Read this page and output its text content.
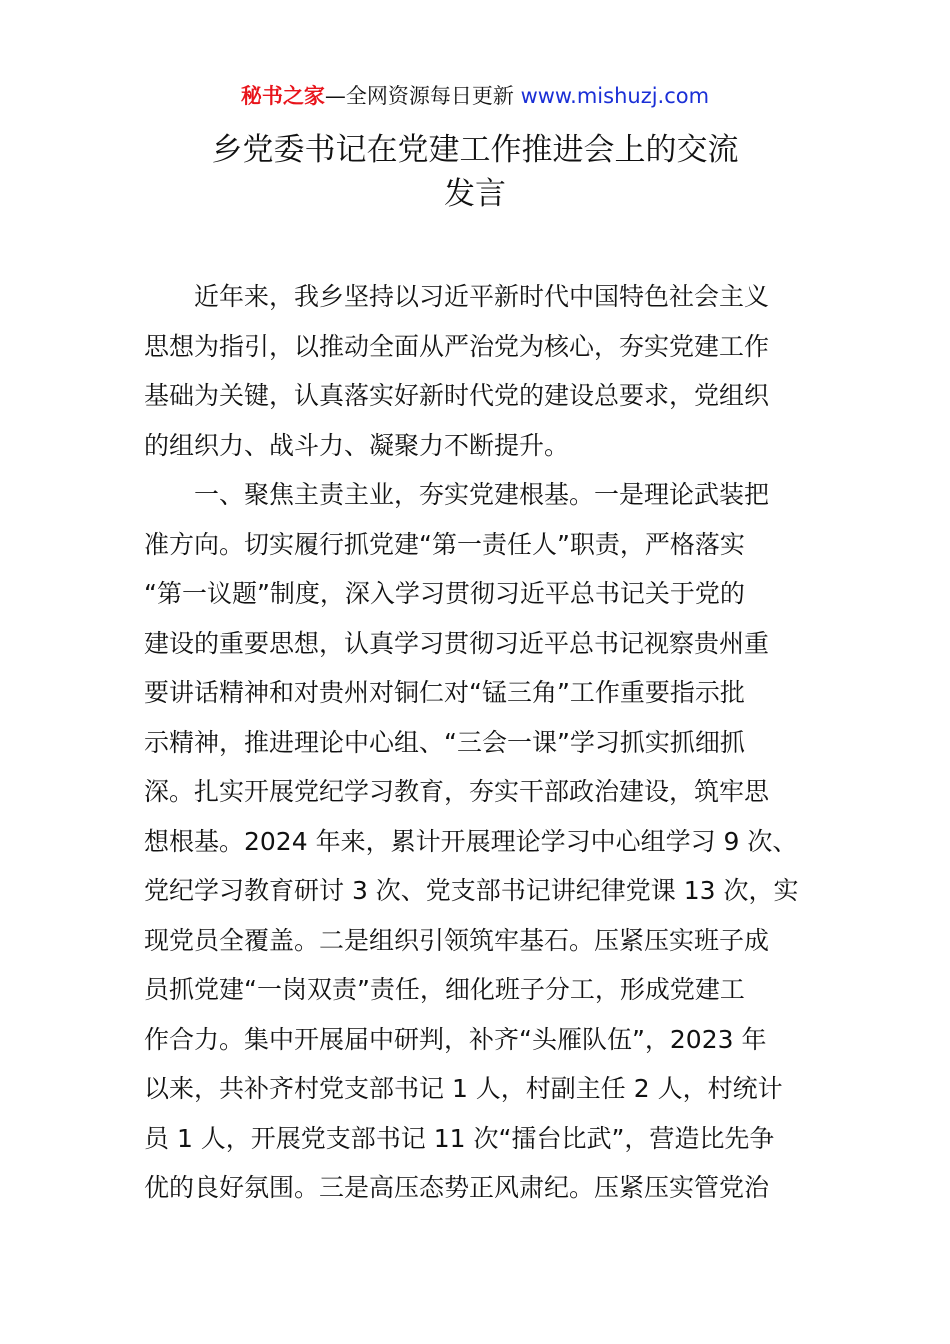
秘书之家—全网资源每日更新 www.mishuzj.com
乡党委书记在党建工作推进会上的交流
发言
近年来，我乡坚持以习近平新时代中国特色社会主义
思想为指引，以推动全面从严治党为核心，夯实党建工作
基础为关键，认真落实好新时代党的建设总要求，党组织
的组织力、战斗力、凝聚力不断提升。
一、聚焦主责主业，夯实党建根基。一是理论武装把
准方向。切实履行抓党建“第一责任人”职责，严格落实
“第一议题”制度，深入学习贯彻习近平总书记关于党的
建设的重要思想，认真学习贯彻习近平总书记视察贵州重
要讲话精神和对贵州对铜仁对“锰三角”工作重要指示批
示精神，推进理论中心组、“三会一课”学习抓实抓细抓
深。扎实开展党纪学习教育，夯实干部政治建设，筑牢思
想根基。2024 年来，累计开展理论学习中心组学习 9 次、
党纪学习教育研讨 3 次、党支部书记讲纪律党课 13 次，实
现党员全覆盖。二是组织引领筑牢基石。压紧压实班子成
员抓党建“一岗双责”责任，细化班子分工，形成党建工
作合力。集中开展届中研判，补齐“头雁队伍”，2023 年
以来，共补齐村党支部书记 1 人，村副主任 2 人，村统计
员 1 人，开展党支部书记 11 次“擂台比武”，营造比先争
优的良好氛围。三是高压态势正风肃纪。压紧压实管党治
